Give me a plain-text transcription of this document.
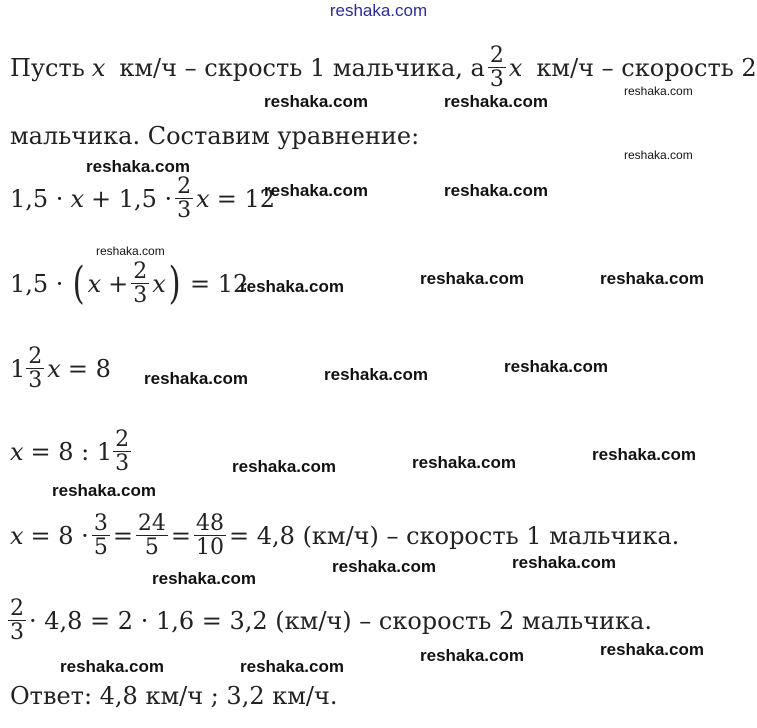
reshaka.com
Пусть x км/ч – скрость 1 мальчика, а $\frac{2}{3}$ x км/ч – скорость 2
мальчика. Составим уравнение:
$1,5 \cdot x + 1,5 \cdot \frac{2}{3}$ x = 12
1,5 · ( $x + \frac{2}{3}$ x ) = 12
$1 \frac{2}{3}$ x = 8
x = 8 : $1 \frac{2}{3}$
$x = 8 \cdot \frac{3}{5} = \frac{24}{5} = \frac{48}{10} = 4,8$ (км/ч) – скорость 1 мальчика.
$\frac{2}{3} \cdot 4,8 = 2 \cdot 1,6 = 3,2$ (км/ч) – скорость 2 мальчика.
Ответ: 4,8 км/ч ; 3,2 км/ч.
reshaka.com	reshaka.com
reshaka.com
reshaka.com
reshaka.com
reshaka.com	reshaka.com
reshaka.com
reshaka.com	reshaka.com	reshaka.com
reshaka.com	reshaka.com	reshaka.com
reshaka.com	reshaka.com	reshaka.com
reshaka.com
reshaka.com
reshaka.com	reshaka.com
reshaka.com	reshaka.com
reshaka.com	reshaka.com
